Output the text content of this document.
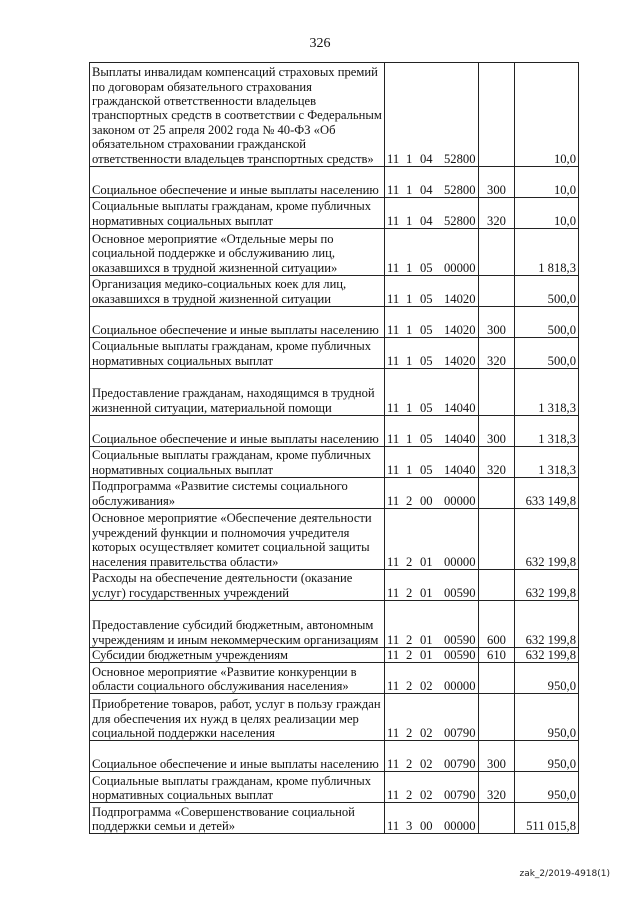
326
Выплаты инвалидам компенсаций страховых премий по договорам обязательного страхования гражданской ответственности владельцев транспортных средств в соответствии с Федеральным законом от 25 апреля 2002 года № 40-ФЗ «Об обязательном страховании гражданской ответственности владельцев транспортных средств»	11 1 04 52800		10,0
Социальное обеспечение и иные выплаты населению	11 1 04 52800	300	10,0
Социальные выплаты гражданам, кроме публичных нормативных социальных выплат	11 1 04 52800	320	10,0
Основное мероприятие «Отдельные меры по социальной поддержке и обслуживанию лиц, оказавшихся в трудной жизненной ситуации»	11 1 05 00000		1 818,3
Организация медико-социальных коек для лиц, оказавшихся в трудной жизненной ситуации	11 1 05 14020		500,0
Социальное обеспечение и иные выплаты населению	11 1 05 14020	300	500,0
Социальные выплаты гражданам, кроме публичных нормативных социальных выплат	11 1 05 14020	320	500,0
Предоставление гражданам, находящимся в трудной жизненной ситуации, материальной помощи	11 1 05 14040		1 318,3
Социальное обеспечение и иные выплаты населению	11 1 05 14040	300	1 318,3
Социальные выплаты гражданам, кроме публичных нормативных социальных выплат	11 1 05 14040	320	1 318,3
Подпрограмма «Развитие системы социального обслуживания»	11 2 00 00000		633 149,8
Основное мероприятие «Обеспечение деятельности учреждений функции и полномочия учредителя которых осуществляет комитет социальной защиты населения правительства области»	11 2 01 00000		632 199,8
Расходы на обеспечение деятельности (оказание услуг) государственных учреждений	11 2 01 00590		632 199,8
Предоставление субсидий бюджетным, автономным учреждениям и иным некоммерческим организациям	11 2 01 00590	600	632 199,8
Субсидии бюджетным учреждениям	11 2 01 00590	610	632 199,8
Основное мероприятие «Развитие конкуренции в области социального обслуживания населения»	11 2 02 00000		950,0
Приобретение товаров, работ, услуг в пользу граждан для обеспечения их нужд в целях реализации мер социальной поддержки населения	11 2 02 00790		950,0
Социальное обеспечение и иные выплаты населению	11 2 02 00790	300	950,0
Социальные выплаты гражданам, кроме публичных нормативных социальных выплат	11 2 02 00790	320	950,0
Подпрограмма «Совершенствование социальной поддержки семьи и детей»	11 3 00 00000		511 015,8
zak_2/2019-4918(1)
